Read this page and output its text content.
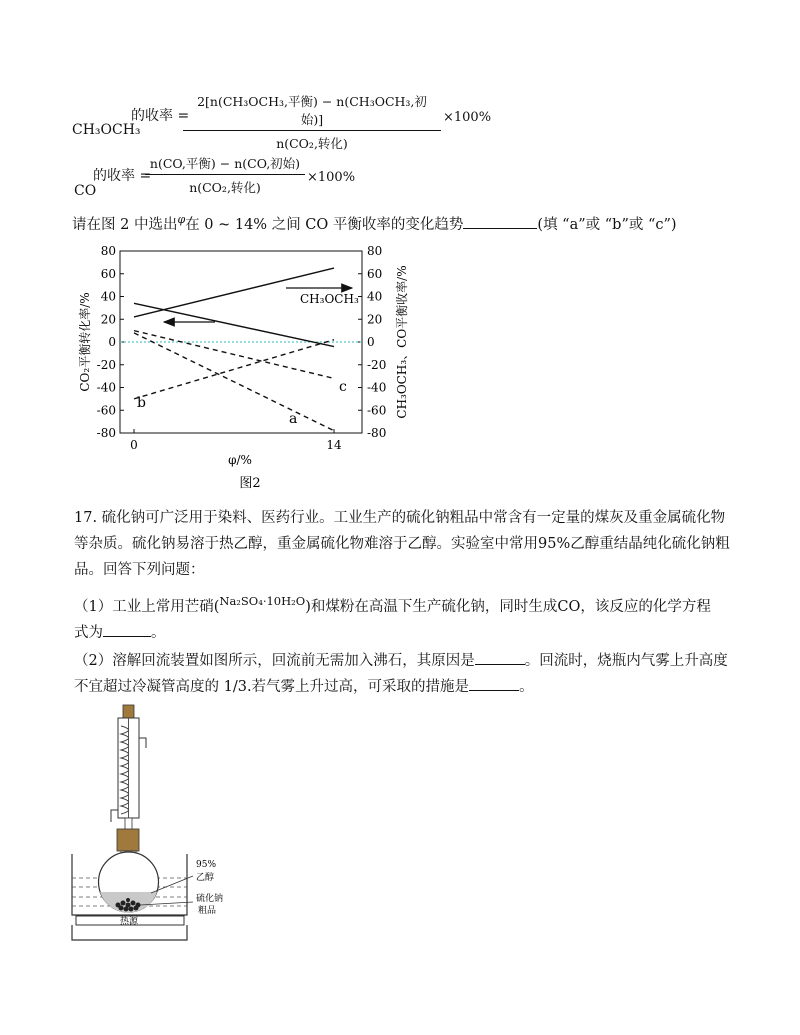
CH₃OCH₃
的收率 =
2[n(CH₃OCH₃,平衡) − n(CH₃OCH₃,初始)]
n(CO₂,转化)
×100%
CO
的收率 =
n(CO,平衡) − n(CO,初始)
n(CO₂,转化)
×100%
请在图 2 中选出$^\varphi$在 0 ~ 14% 之间 CO 平衡收率的变化趋势	(填 “a”或 “b”或 “c”)
80
60
40
20
0
-20
-40
-60
-80
80
60
40
20
0
-20
-40
-60
-80
0	14
CH₃OCH₃
a
b
c
CO₂平衡转化率/%	CH₃OCH₃、CO平衡收率/%
φ/%
图2
17. 硫化钠可广泛用于染料、医药行业。工业生产的硫化钠粗品中常含有一定量的煤灰及重金属硫化物等杂质。硫化钠易溶于热乙醇，重金属硫化物难溶于乙醇。实验室中常用95%乙醇重结晶纯化硫化钠粗品。回答下列问题：
（1）工业上常用芒硝($^{Na_2SO_4\cdot 10H_2O}$)和煤粉在高温下生产硫化钠，同时生成CO，该反应的化学方程
式为	。
（2）溶解回流装置如图所示，回流前无需加入沸石，其原因是	。回流时，烧瓶内气雾上升高度
不宜超过冷凝管高度的 1/3.若气雾上升过高，可采取的措施是	。
热源
95%
乙醇
硫化钠
粗品
